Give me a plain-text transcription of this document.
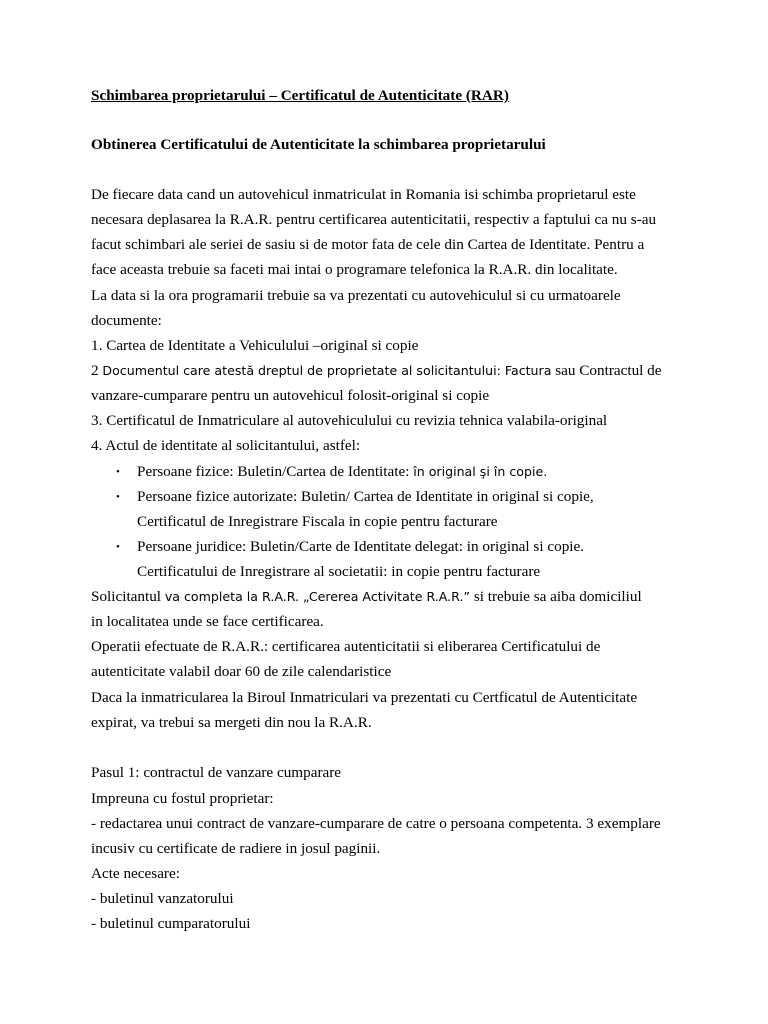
Schimbarea proprietarului – Certificatul de Autenticitate (RAR)
Obtinerea Certificatului de Autenticitate la schimbarea proprietarului
De fiecare data cand un autovehicul inmatriculat in Romania isi schimba proprietarul este
necesara deplasarea la R.A.R. pentru certificarea autenticitatii, respectiv a faptului ca nu s-au
facut schimbari ale seriei de sasiu si de motor fata de cele din Cartea de Identitate. Pentru a
face aceasta trebuie sa faceti mai intai o programare telefonica la R.A.R. din localitate.
La data si la ora programarii trebuie sa va prezentati cu autovehiculul si cu urmatoarele
documente:
1. Cartea de Identitate a Vehiculului –original si copie
2 Documentul care atestă dreptul de proprietate al solicitantului: Factura sau Contractul de
vanzare-cumparare pentru un autovehicul folosit-original si copie
3. Certificatul de Inmatriculare al autovehiculului cu revizia tehnica valabila-original
4. Actul de identitate al solicitantului, astfel:
• Persoane fizice: Buletin/Cartea de Identitate: în original şi în copie.
• Persoane fizice autorizate: Buletin/ Cartea de Identitate in original si copie,
Certificatul de Inregistrare Fiscala in copie pentru facturare
• Persoane juridice: Buletin/Carte de Identitate delegat: in original si copie.
Certificatului de Inregistrare al societatii: in copie pentru facturare
Solicitantul va completa la R.A.R. „Cererea Activitate R.A.R.” si trebuie sa aiba domiciliul
in localitatea unde se face certificarea.
Operatii efectuate de R.A.R.: certificarea autenticitatii si eliberarea Certificatului de
autenticitate valabil doar 60 de zile calendaristice
Daca la inmatricularea la Biroul Inmatriculari va prezentati cu Certficatul de Autenticitate
expirat, va trebui sa mergeti din nou la R.A.R.
Pasul 1: contractul de vanzare cumparare
Impreuna cu fostul proprietar:
- redactarea unui contract de vanzare-cumparare de catre o persoana competenta. 3 exemplare
incusiv cu certificate de radiere in josul paginii.
Acte necesare:
- buletinul vanzatorului
- buletinul cumparatorului
